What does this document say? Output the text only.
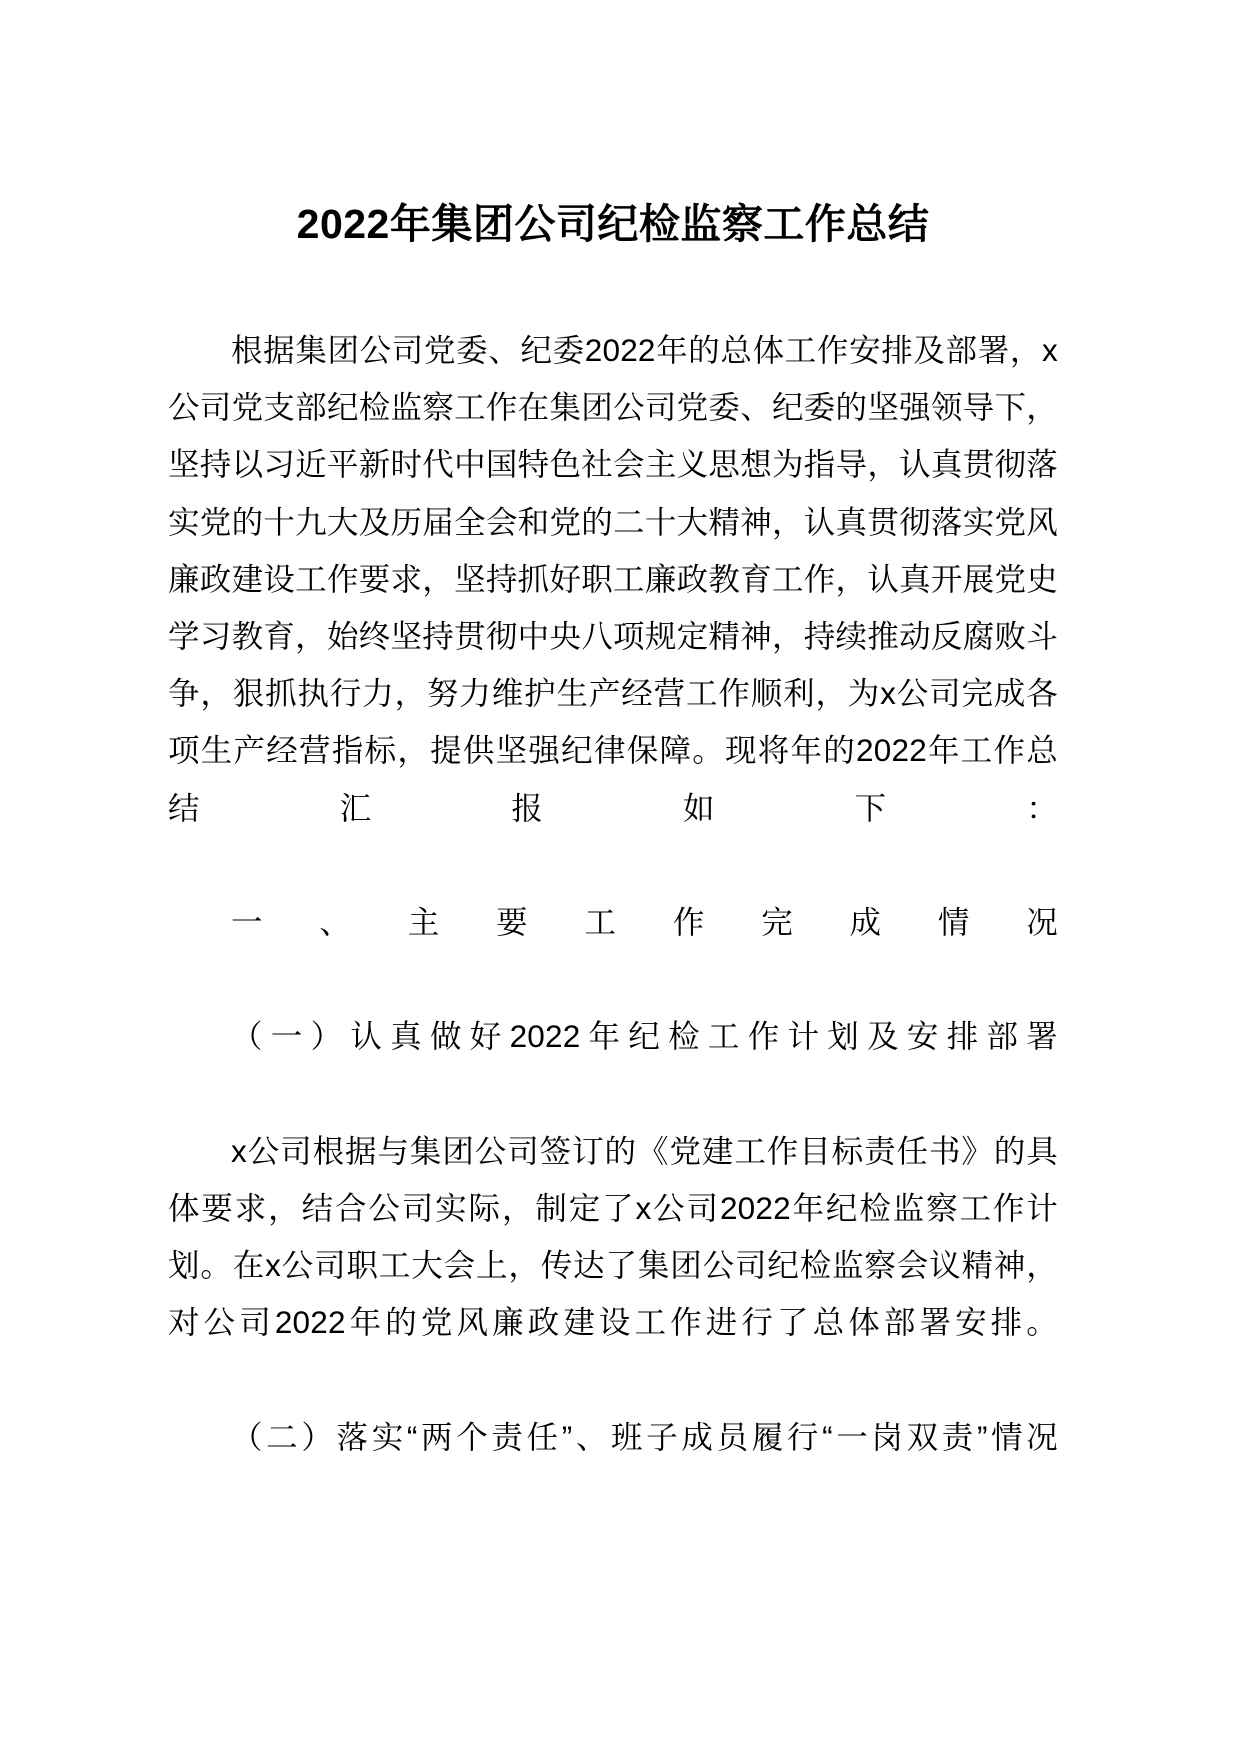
2022年集团公司纪检监察工作总结

根据集团公司党委、纪委2022年的总体工作安排及部署，x公司党支部纪检监察工作在集团公司党委、纪委的坚强领导下，坚持以习近平新时代中国特色社会主义思想为指导，认真贯彻落实党的十九大及历届全会和党的二十大精神，认真贯彻落实党风廉政建设工作要求，坚持抓好职工廉政教育工作，认真开展党史学习教育，始终坚持贯彻中央八项规定精神，持续推动反腐败斗争，狠抓执行力，努力维护生产经营工作顺利，为x公司完成各项生产经营指标，提供坚强纪律保障。现将年的2022年工作总结汇报如下：

一、主要工作完成情况

（一）认真做好2022年纪检工作计划及安排部署

x公司根据与集团公司签订的《党建工作目标责任书》的具体要求，结合公司实际，制定了x公司2022年纪检监察工作计划。在x公司职工大会上，传达了集团公司纪检监察会议精神，对公司2022年的党风廉政建设工作进行了总体部署安排。

（二）落实“两个责任”、班子成员履行“一岗双责”情况
